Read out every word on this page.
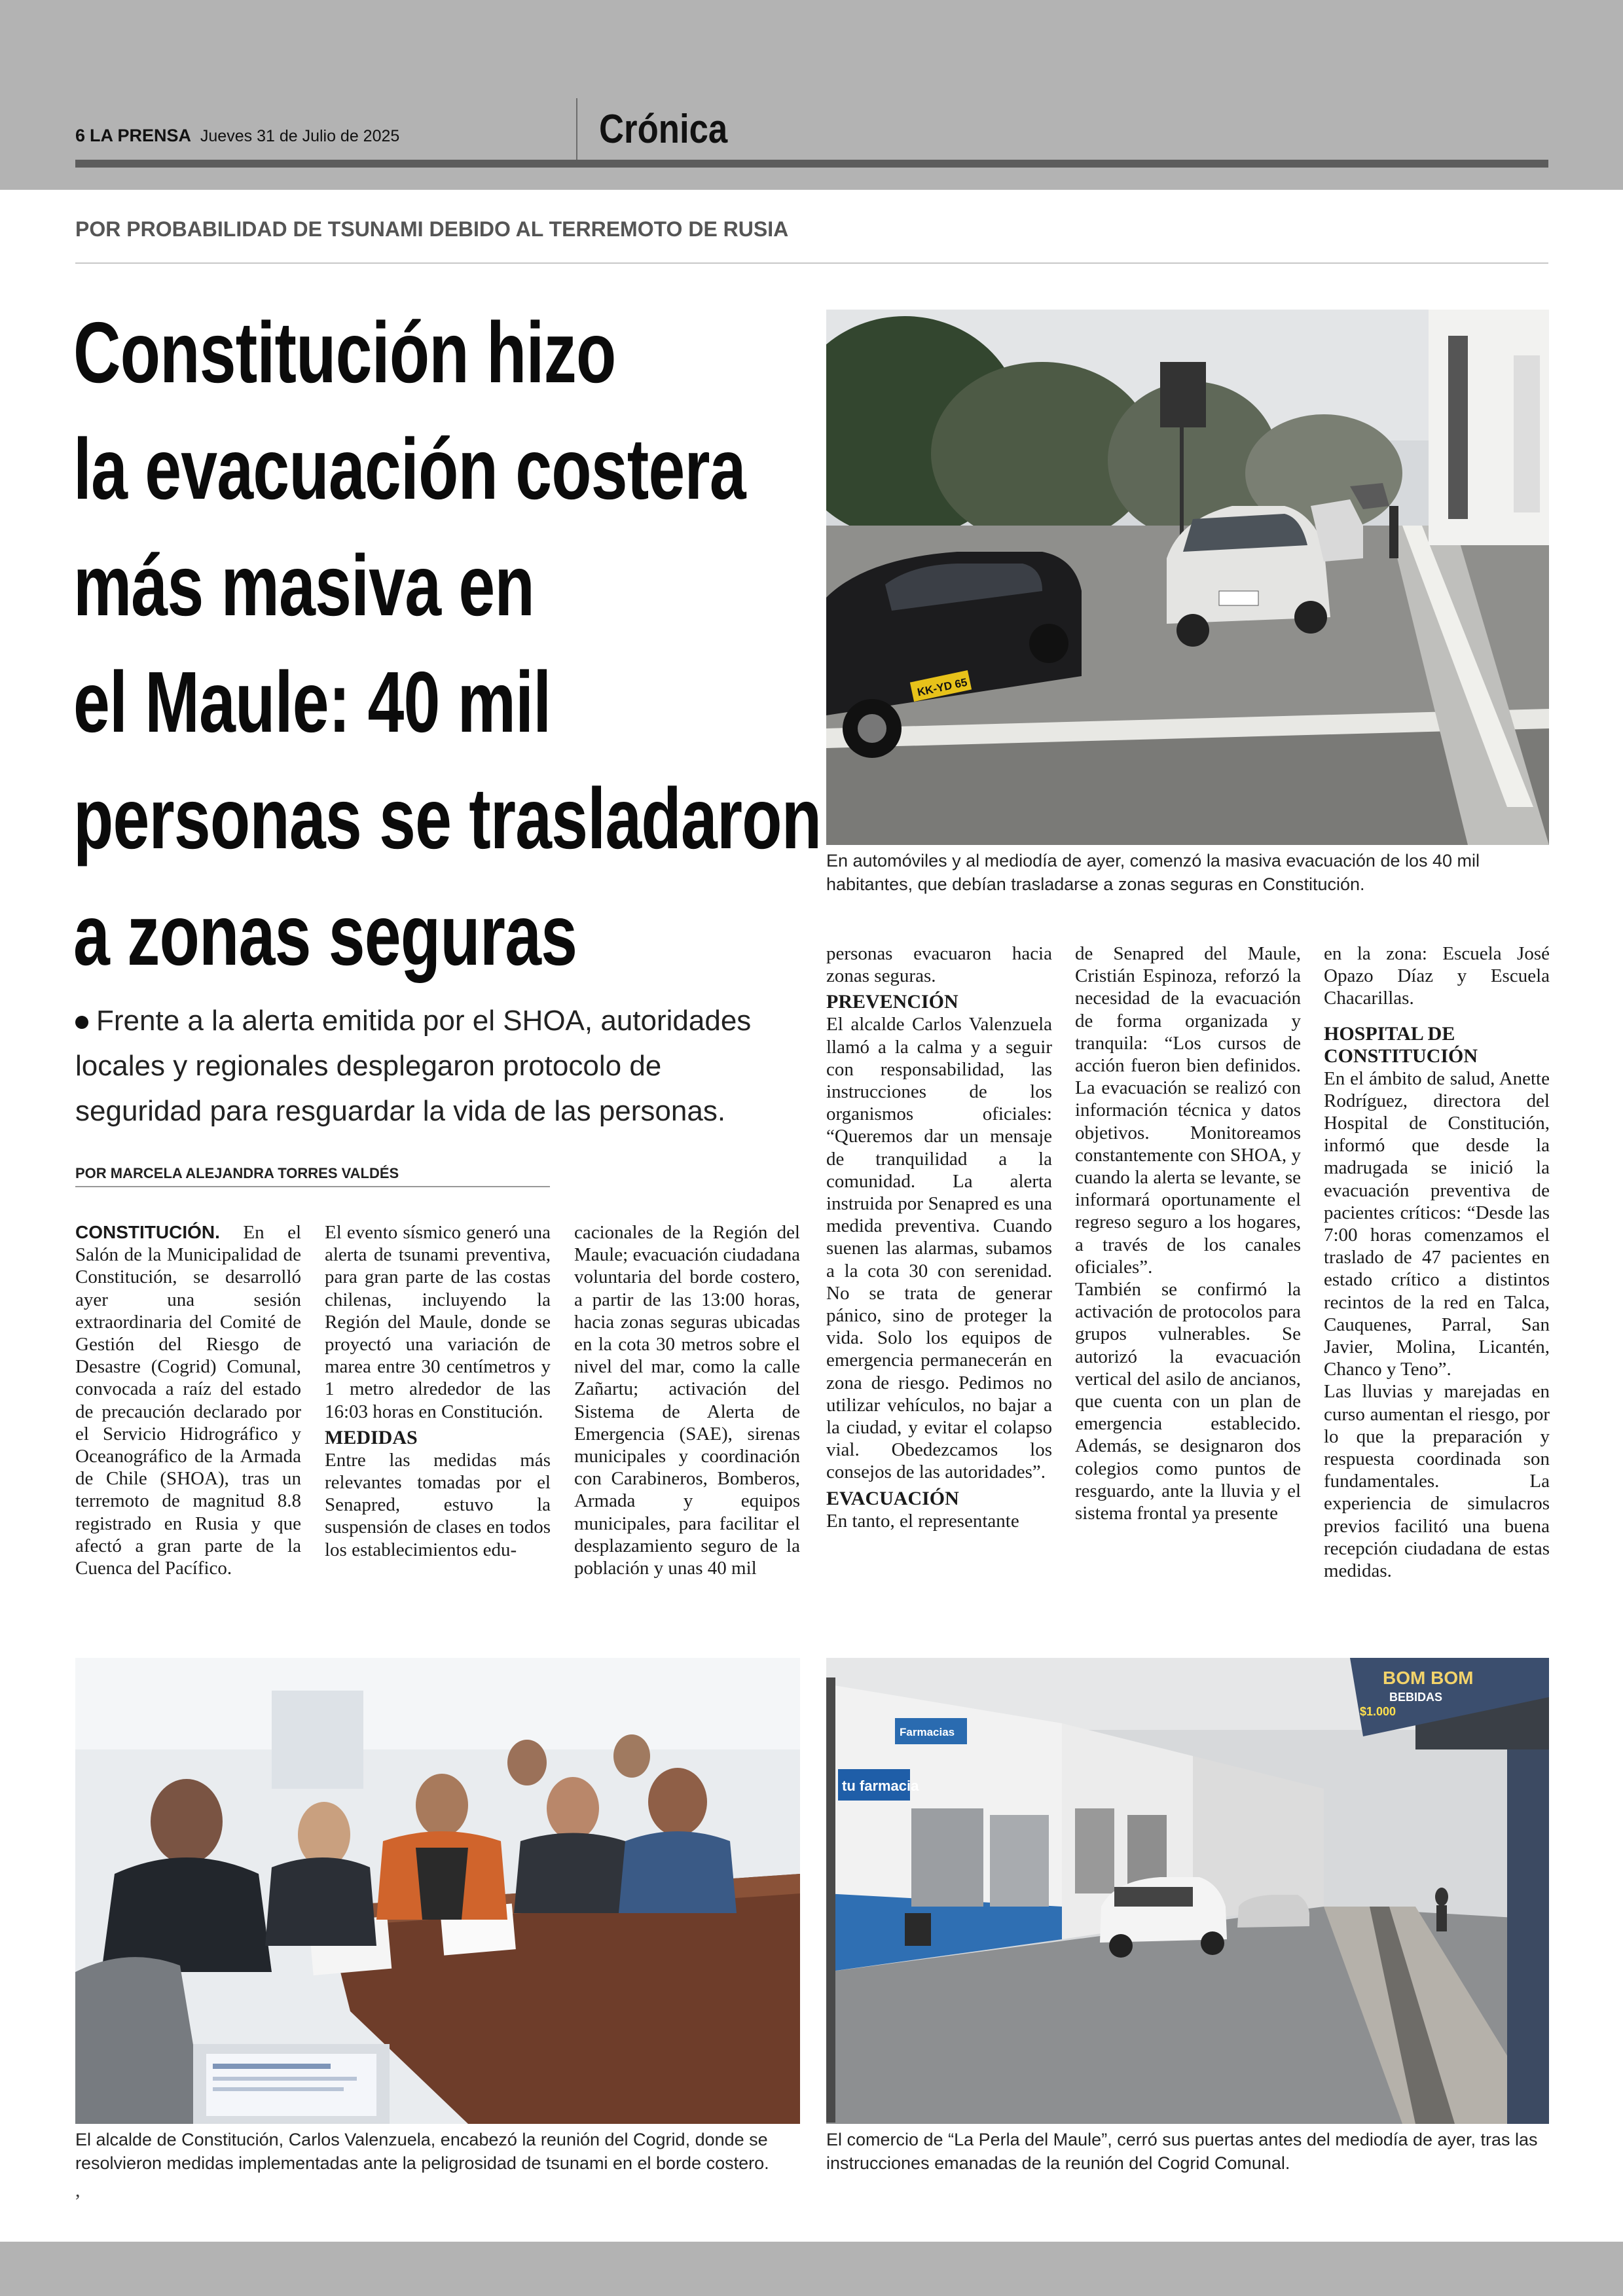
6 LA PRENSA Jueves 31 de Julio de 2025	Crónica
POR PROBABILIDAD DE TSUNAMI DEBIDO AL TERREMOTO DE RUSIA
Constitución hizo
la evacuación costera
más masiva en
el Maule: 40 mil
personas se trasladaron
a zonas seguras
Frente a la alerta emitida por el SHOA, autoridades locales y regionales desplegaron protocolo de seguridad para resguardar la vida de las personas.
POR MARCELA ALEJANDRA TORRES VALDÉS
KK-YD 65
En automóviles y al mediodía de ayer, comenzó la masiva evacuación de los 40 mil habitantes, que debían trasladarse a zonas seguras en Constitución.

CONSTITUCIÓN. En el Salón de la Municipalidad de Constitución, se desarrolló ayer una sesión extraordinaria del Comité de Gestión del Riesgo de Desastre (Cogrid) Comunal, convocada a raíz del estado de precaución declarado por el Servicio Hidrográfico y Oceanográfico de la Armada de Chile (SHOA), tras un terremoto de magnitud 8.8 registrado en Rusia y que afectó a gran parte de la Cuenca del Pacífico.

El evento sísmico generó una alerta de tsunami preventiva, para gran parte de las costas chilenas, incluyendo la Región del Maule, donde se proyectó una variación de marea entre 30 centímetros y 1 metro alrededor de las 16:03 horas en Constitución.

MEDIDAS

Entre las medidas más relevantes tomadas por el Senapred, estuvo la suspensión de clases en todos los establecimientos edu-

cacionales de la Región del Maule; evacuación ciudadana voluntaria del borde costero, a partir de las 13:00 horas, hacia zonas seguras ubicadas en la cota 30 metros sobre el nivel del mar, como la calle Zañartu; activación del Sistema de Alerta de Emergencia (SAE), sirenas municipales y coordinación con Carabineros, Bomberos, Armada y equipos municipales, para facilitar el desplazamiento seguro de la población y unas 40 mil

personas evacuaron hacia zonas seguras.

PREVENCIÓN

El alcalde Carlos Valenzuela llamó a la calma y a seguir con responsabilidad, las instrucciones de los organismos oficiales: “Queremos dar un mensaje de tranquilidad a la comunidad. La alerta instruida por Senapred es una medida preventiva. Cuando suenen las alarmas, subamos a la cota 30 con serenidad. No se trata de generar pánico, sino de proteger la vida. Solo los equipos de emergencia permanecerán en zona de riesgo. Pedimos no utilizar vehículos, no bajar a la ciudad, y evitar el colapso vial. Obedezcamos los consejos de las autoridades”.

EVACUACIÓN

En tanto, el representante

de Senapred del Maule, Cristián Espinoza, reforzó la necesidad de la evacuación de forma organizada y tranquila: “Los cursos de acción fueron bien definidos. La evacuación se realizó con información técnica y datos objetivos. Monitoreamos constantemente con SHOA, y cuando la alerta se levante, se informará oportunamente el regreso seguro a los hogares, a través de los canales oficiales”.

También se confirmó la activación de protocolos para grupos vulnerables. Se autorizó la evacuación vertical del asilo de ancianos, que cuenta con un plan de emergencia establecido. Además, se designaron dos colegios como puntos de resguardo, ante la lluvia y el sistema frontal ya presente

en la zona: Escuela José Opazo Díaz y Escuela Chacarillas.

HOSPITAL DE CONSTITUCIÓN

En el ámbito de salud, Anette Rodríguez, directora del Hospital de Constitución, informó que desde la madrugada se inició la evacuación preventiva de pacientes críticos: “Desde las 7:00 horas comenzamos el traslado de 47 pacientes en estado crítico a distintos recintos de la red en Talca, Cauquenes, Parral, San Javier, Molina, Licantén, Chanco y Teno”.

Las lluvias y marejadas en curso aumentan el riesgo, por lo que la preparación y respuesta coordinada son fundamentales. La experiencia de simulacros previos facilitó una buena recepción ciudadana de estas medidas.

El alcalde de Constitución, Carlos Valenzuela, encabezó la reunión del Cogrid, donde se resolvieron medidas implementadas ante la peligrosidad de tsunami en el borde costero.
tu farmacia
Farmacias
BOM BOM
BEBIDAS
$1.000
El comercio de “La Perla del Maule”, cerró sus puertas antes del mediodía de ayer, tras las instrucciones emanadas de la reunión del Cogrid Comunal.
,
